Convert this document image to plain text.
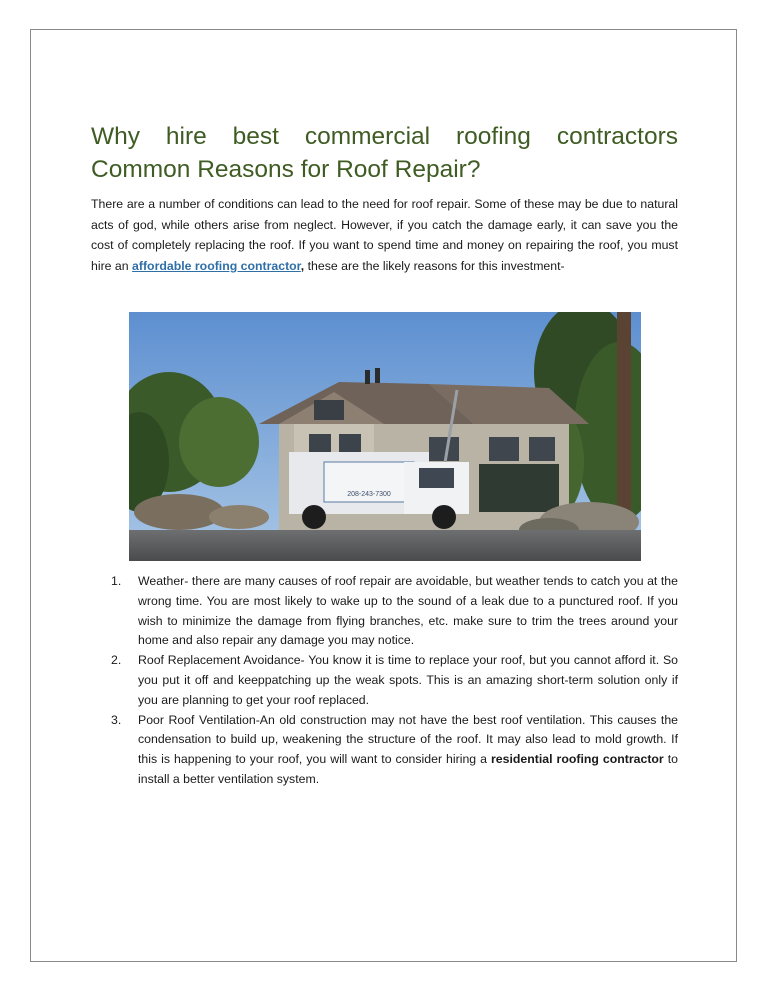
Why hire best commercial roofing contractors
Common Reasons for Roof Repair?

There are a number of conditions can lead to the need for roof repair. Some of these may be due to natural acts of god, while others arise from neglect. However, if you catch the damage early, it can save you the cost of completely replacing the roof. If you want to spend time and money on repairing the roof, you must hire an affordable roofing contractor, these are the likely reasons for this investment-

208-243-7300
1. Weather- there are many causes of roof repair are avoidable, but weather tends to catch you at the wrong time. You are most likely to wake up to the sound of a leak due to a punctured roof. If you wish to minimize the damage from flying branches, etc. make sure to trim the trees around your home and also repair any damage you may notice.
2. Roof Replacement Avoidance- You know it is time to replace your roof, but you cannot afford it. So you put it off and keeppatching up the weak spots. This is an amazing short-term solution only if you are planning to get your roof replaced.
3. Poor Roof Ventilation-An old construction may not have the best roof ventilation. This causes the condensation to build up, weakening the structure of the roof. It may also lead to mold growth. If this is happening to your roof, you will want to consider hiring a residential roofing contractor to install a better ventilation system.
